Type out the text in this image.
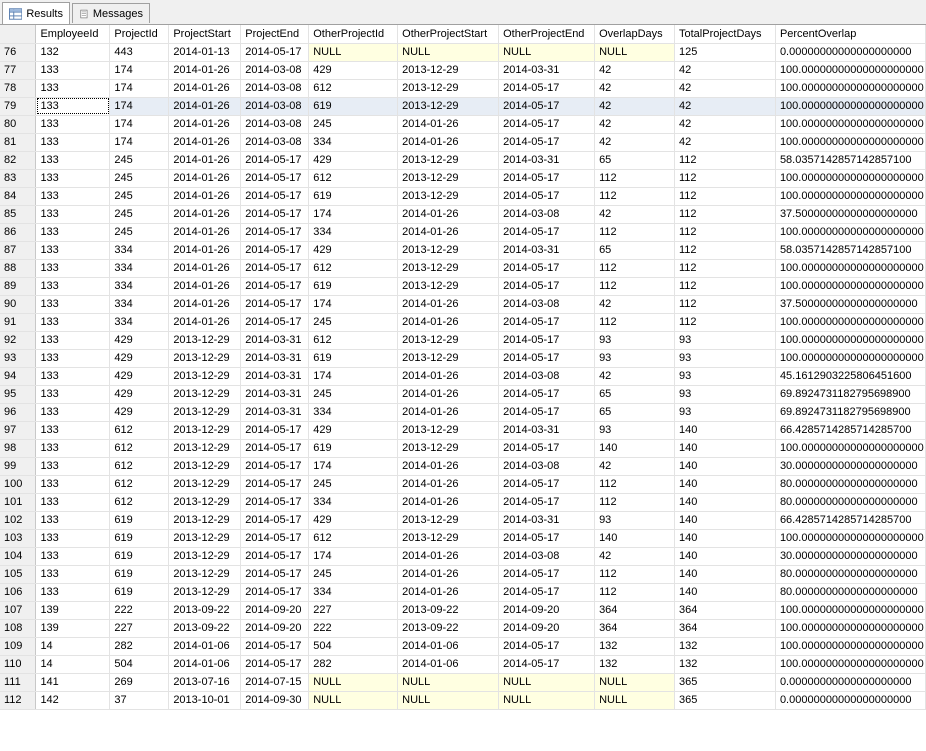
Results	Messages
	EmployeeId	ProjectId	ProjectStart	ProjectEnd	OtherProjectId	OtherProjectStart	OtherProjectEnd	OverlapDays	TotalProjectDays	PercentOverlap
76	132	443	2014-01-13	2014-05-17	NULL	NULL	NULL	NULL	125	0.00000000000000000000
77	133	174	2014-01-26	2014-03-08	429	2013-12-29	2014-03-31	42	42	100.00000000000000000000
78	133	174	2014-01-26	2014-03-08	612	2013-12-29	2014-05-17	42	42	100.00000000000000000000
79	133	174	2014-01-26	2014-03-08	619	2013-12-29	2014-05-17	42	42	100.00000000000000000000
80	133	174	2014-01-26	2014-03-08	245	2014-01-26	2014-05-17	42	42	100.00000000000000000000
81	133	174	2014-01-26	2014-03-08	334	2014-01-26	2014-05-17	42	42	100.00000000000000000000
82	133	245	2014-01-26	2014-05-17	429	2013-12-29	2014-03-31	65	112	58.0357142857142857100
83	133	245	2014-01-26	2014-05-17	612	2013-12-29	2014-05-17	112	112	100.00000000000000000000
84	133	245	2014-01-26	2014-05-17	619	2013-12-29	2014-05-17	112	112	100.00000000000000000000
85	133	245	2014-01-26	2014-05-17	174	2014-01-26	2014-03-08	42	112	37.50000000000000000000
86	133	245	2014-01-26	2014-05-17	334	2014-01-26	2014-05-17	112	112	100.00000000000000000000
87	133	334	2014-01-26	2014-05-17	429	2013-12-29	2014-03-31	65	112	58.0357142857142857100
88	133	334	2014-01-26	2014-05-17	612	2013-12-29	2014-05-17	112	112	100.00000000000000000000
89	133	334	2014-01-26	2014-05-17	619	2013-12-29	2014-05-17	112	112	100.00000000000000000000
90	133	334	2014-01-26	2014-05-17	174	2014-01-26	2014-03-08	42	112	37.50000000000000000000
91	133	334	2014-01-26	2014-05-17	245	2014-01-26	2014-05-17	112	112	100.00000000000000000000
92	133	429	2013-12-29	2014-03-31	612	2013-12-29	2014-05-17	93	93	100.00000000000000000000
93	133	429	2013-12-29	2014-03-31	619	2013-12-29	2014-05-17	93	93	100.00000000000000000000
94	133	429	2013-12-29	2014-03-31	174	2014-01-26	2014-03-08	42	93	45.1612903225806451600
95	133	429	2013-12-29	2014-03-31	245	2014-01-26	2014-05-17	65	93	69.8924731182795698900
96	133	429	2013-12-29	2014-03-31	334	2014-01-26	2014-05-17	65	93	69.8924731182795698900
97	133	612	2013-12-29	2014-05-17	429	2013-12-29	2014-03-31	93	140	66.4285714285714285700
98	133	612	2013-12-29	2014-05-17	619	2013-12-29	2014-05-17	140	140	100.00000000000000000000
99	133	612	2013-12-29	2014-05-17	174	2014-01-26	2014-03-08	42	140	30.00000000000000000000
100	133	612	2013-12-29	2014-05-17	245	2014-01-26	2014-05-17	112	140	80.00000000000000000000
101	133	612	2013-12-29	2014-05-17	334	2014-01-26	2014-05-17	112	140	80.00000000000000000000
102	133	619	2013-12-29	2014-05-17	429	2013-12-29	2014-03-31	93	140	66.4285714285714285700
103	133	619	2013-12-29	2014-05-17	612	2013-12-29	2014-05-17	140	140	100.00000000000000000000
104	133	619	2013-12-29	2014-05-17	174	2014-01-26	2014-03-08	42	140	30.00000000000000000000
105	133	619	2013-12-29	2014-05-17	245	2014-01-26	2014-05-17	112	140	80.00000000000000000000
106	133	619	2013-12-29	2014-05-17	334	2014-01-26	2014-05-17	112	140	80.00000000000000000000
107	139	222	2013-09-22	2014-09-20	227	2013-09-22	2014-09-20	364	364	100.00000000000000000000
108	139	227	2013-09-22	2014-09-20	222	2013-09-22	2014-09-20	364	364	100.00000000000000000000
109	14	282	2014-01-06	2014-05-17	504	2014-01-06	2014-05-17	132	132	100.00000000000000000000
110	14	504	2014-01-06	2014-05-17	282	2014-01-06	2014-05-17	132	132	100.00000000000000000000
111	141	269	2013-07-16	2014-07-15	NULL	NULL	NULL	NULL	365	0.00000000000000000000
112	142	37	2013-10-01	2014-09-30	NULL	NULL	NULL	NULL	365	0.00000000000000000000
